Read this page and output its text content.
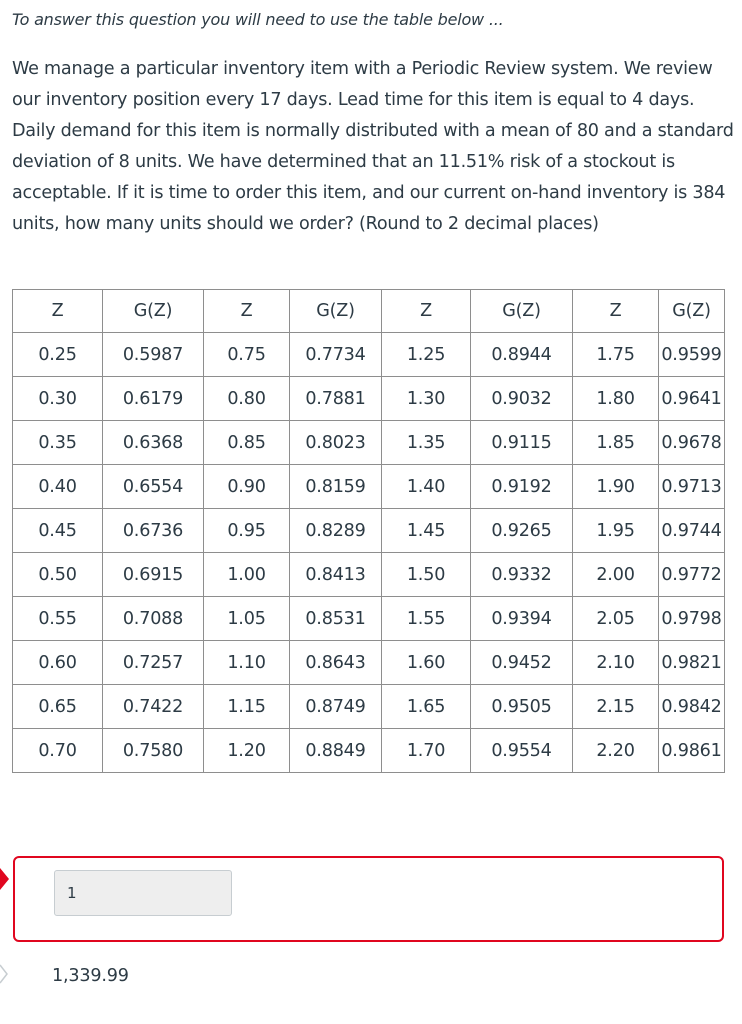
To answer this question you will need to use the table below ...

We manage a particular inventory item with a Periodic Review system. We review our inventory position every 17 days. Lead time for this item is equal to 4 days. Daily demand for this item is normally distributed with a mean of 80 and a standard deviation of 8 units. We have determined that an 11.51% risk of a stockout is acceptable. If it is time to order this item, and our current on-hand inventory is 384 units, how many units should we order? (Round to 2 decimal places)

Z	G(Z)	Z	G(Z)	Z	G(Z)	Z	G(Z)
0.25	0.5987	0.75	0.7734	1.25	0.8944	1.75	0.9599
0.30	0.6179	0.80	0.7881	1.30	0.9032	1.80	0.9641
0.35	0.6368	0.85	0.8023	1.35	0.9115	1.85	0.9678
0.40	0.6554	0.90	0.8159	1.40	0.9192	1.90	0.9713
0.45	0.6736	0.95	0.8289	1.45	0.9265	1.95	0.9744
0.50	0.6915	1.00	0.8413	1.50	0.9332	2.00	0.9772
0.55	0.7088	1.05	0.8531	1.55	0.9394	2.05	0.9798
0.60	0.7257	1.10	0.8643	1.60	0.9452	2.10	0.9821
0.65	0.7422	1.15	0.8749	1.65	0.9505	2.15	0.9842
0.70	0.7580	1.20	0.8849	1.70	0.9554	2.20	0.9861
1
1,339.99
